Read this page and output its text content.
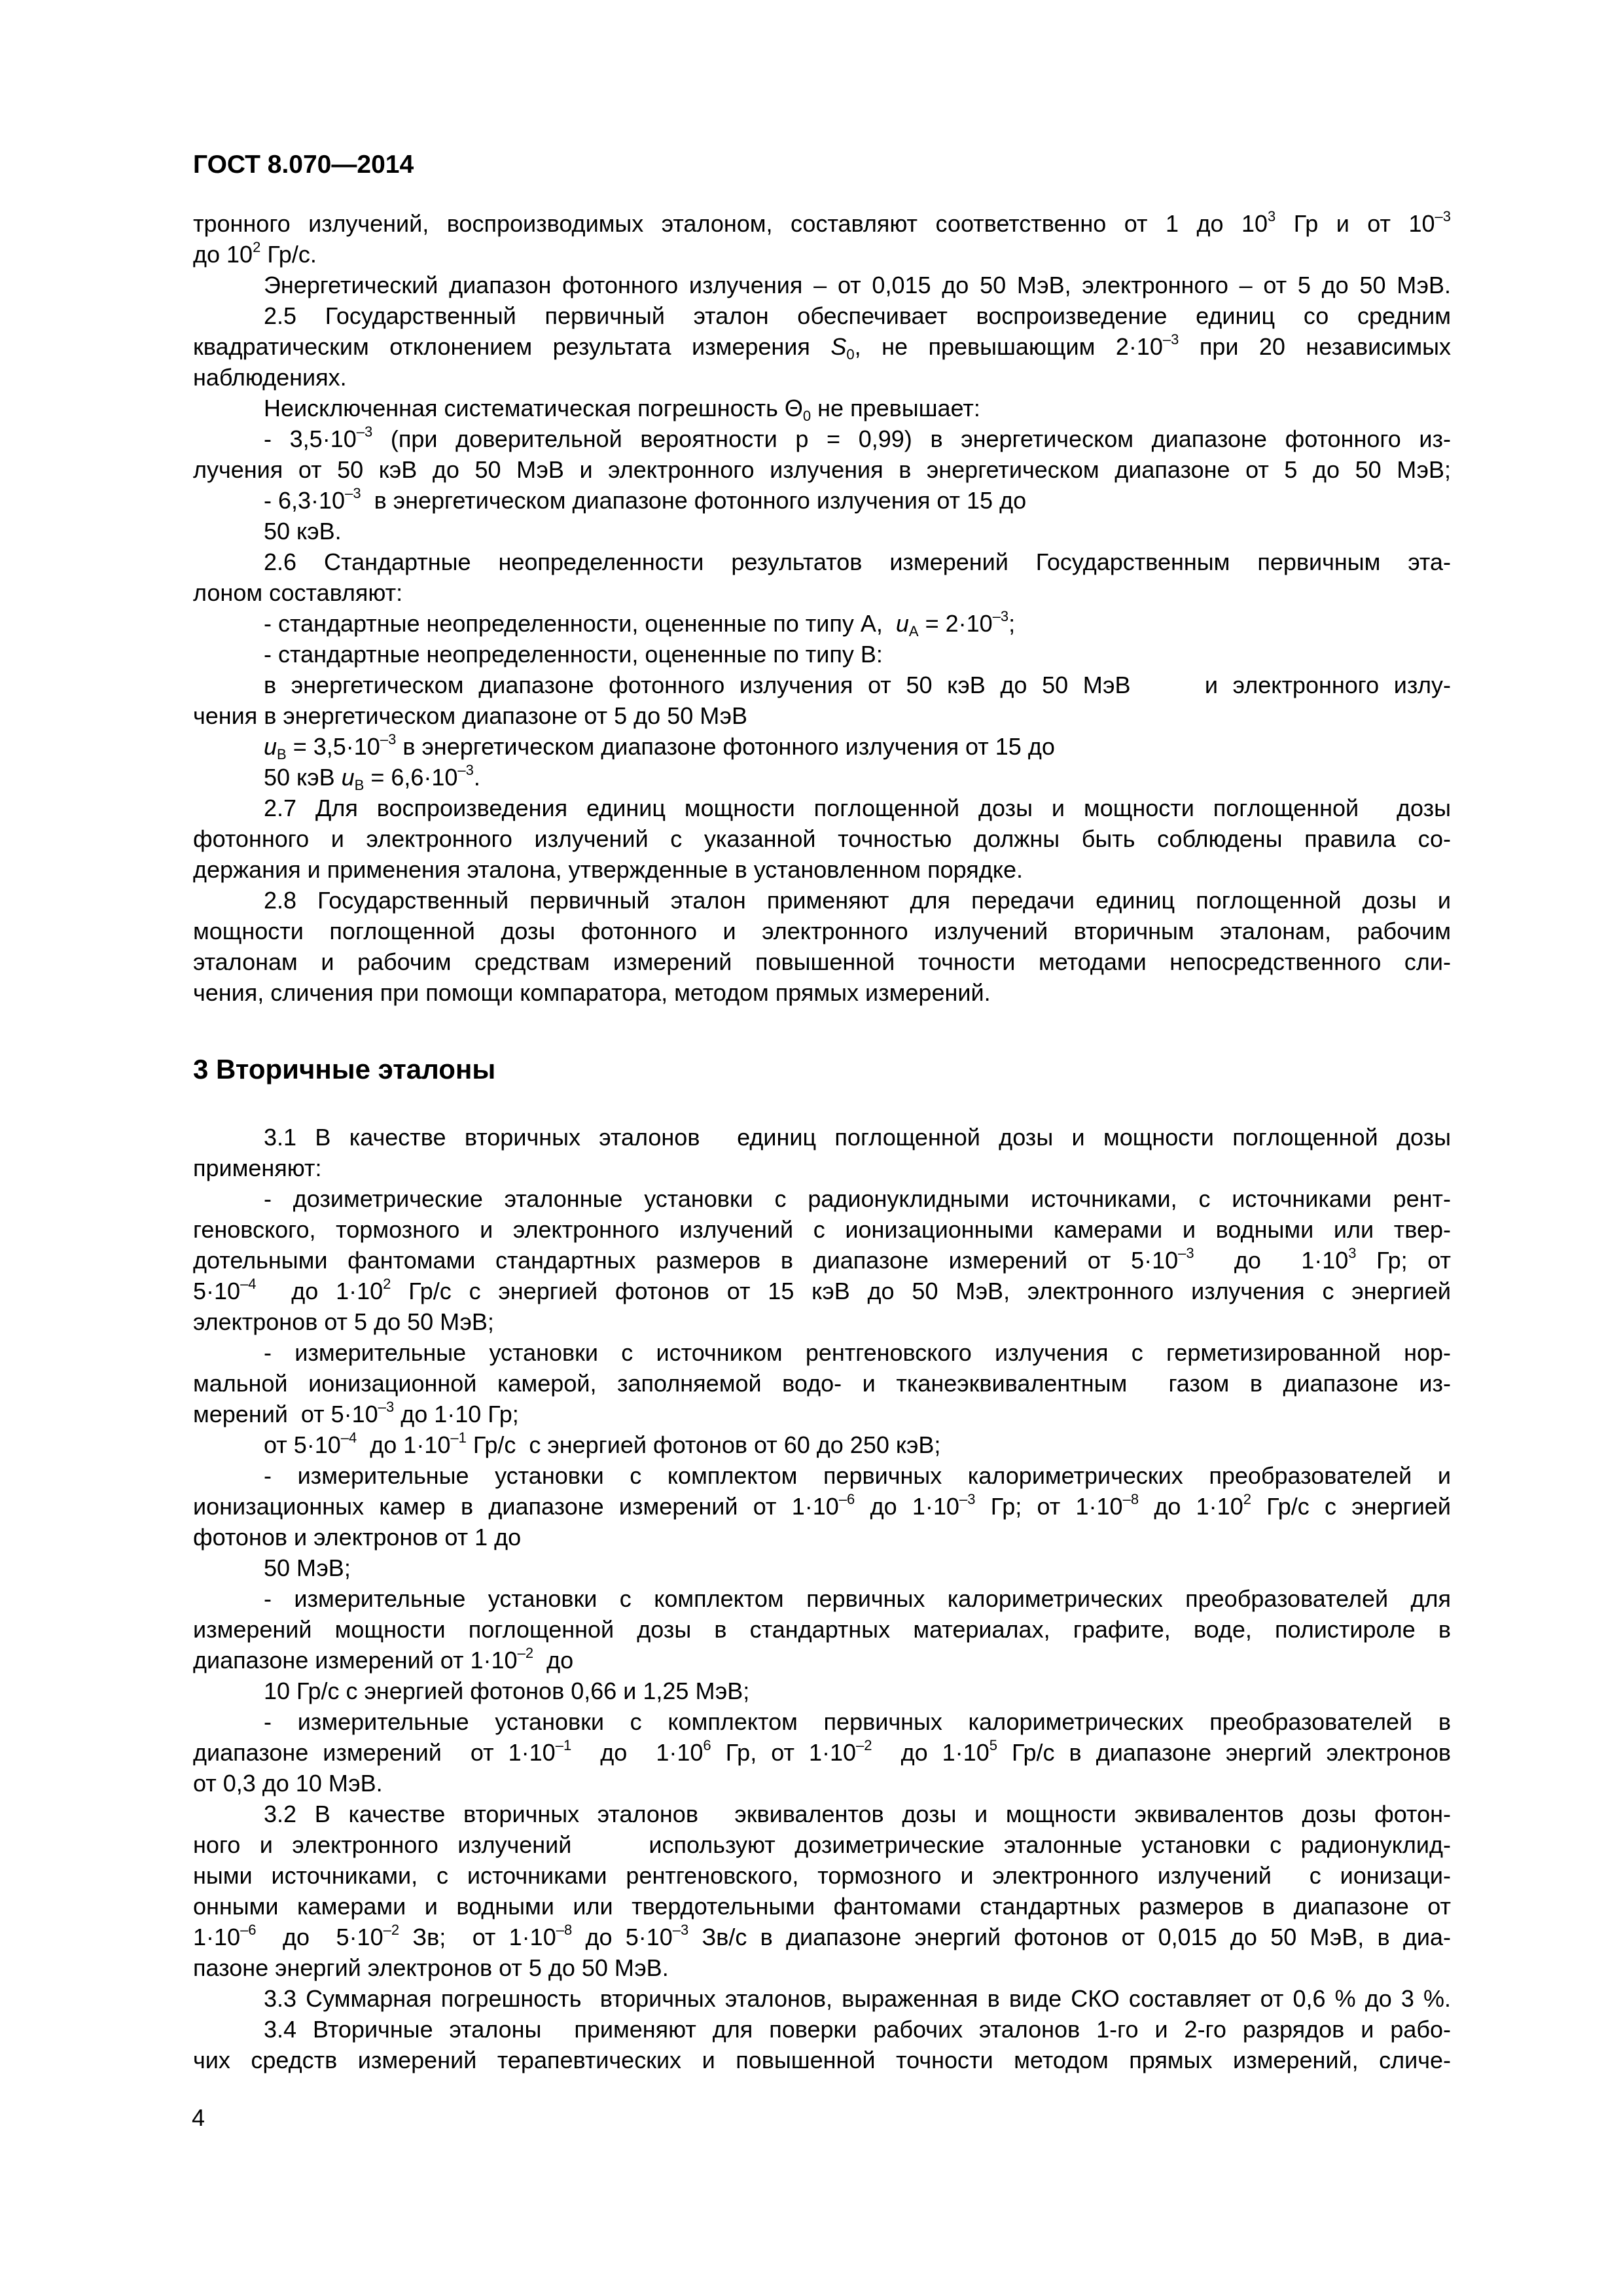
ГОСТ 8.070—2014
тронного излучений, воспроизводимых эталоном, составляют соответственно от 1 до $10^3$ Гр и от $10^{-3}$
до $10^2$ Гр/с.
Энергетический диапазон фотонного излучения – от 0,015 до 50 МэВ, электронного – от 5 до 50 МэВ.
2.5 Государственный первичный эталон обеспечивает воспроизведение единиц со средним
квадратическим отклонением результата измерения $S_0$, не превышающим $2\cdot 10^{-3}$ при 20 независимых
наблюдениях.
Неисключенная систематическая погрешность $\Theta_0$ не превышает:
- $3,5\cdot 10^{-3}$ (при доверительной вероятности р = 0,99) в энергетическом диапазоне фотонного из-
лучения от 50 кэВ до 50 МэВ и электронного излучения в энергетическом диапазоне от 5 до 50 МэВ;
- $6,3\cdot 10^{-3}$  в энергетическом диапазоне фотонного излучения от 15 до
50 кэВ.
2.6 Стандартные неопределенности результатов измерений Государственным первичным эта-
лоном составляют:
- стандартные неопределенности, оцененные по типу А,  $u_А = 2\cdot 10^{-3}$;
- стандартные неопределенности, оцененные по типу В:
в энергетическом диапазоне фотонного излучения от 50 кэВ до 50 МэВ     и электронного излу-
чения в энергетическом диапазоне от 5 до 50 МэВ
$u_В = 3,5\cdot 10^{-3}$ в энергетическом диапазоне фотонного излучения от 15 до
50 кэВ $u_В = 6,6\cdot 10^{-3}$.
2.7 Для воспроизведения единиц мощности поглощенной дозы и мощности поглощенной  дозы
фотонного и электронного излучений с указанной точностью должны быть соблюдены правила со-
держания и применения эталона, утвержденные в установленном порядке.
2.8 Государственный первичный эталон применяют для передачи единиц поглощенной дозы и
мощности поглощенной дозы фотонного и электронного излучений вторичным эталонам, рабочим
эталонам и рабочим средствам измерений повышенной точности методами непосредственного сли-
чения, сличения при помощи компаратора, методом прямых измерений.
3 Вторичные эталоны
3.1 В качестве вторичных эталонов  единиц поглощенной дозы и мощности поглощенной дозы
применяют:
- дозиметрические эталонные установки с радионуклидными источниками, с источниками рент-
геновского, тормозного и электронного излучений с ионизационными камерами и водными или твер-
дотельными фантомами стандартных размеров в диапазоне измерений от $5\cdot 10^{-3}$  до  $1\cdot 10^3$ Гр; от
$5\cdot 10^{-4}$  до $1\cdot 10^2$ Гр/с с энергией фотонов от 15 кэВ до 50 МэВ, электронного излучения с энергией
электронов от 5 до 50 МэВ;
- измерительные установки с источником рентгеновского излучения с герметизированной нор-
мальной ионизационной камерой, заполняемой водо- и тканеэквивалентным  газом в диапазоне из-
мерений  от $5\cdot 10^{-3}$ до 1·10 Гр;
от $5\cdot 10^{-4}$  до $1\cdot 10^{-1}$ Гр/с  с энергией фотонов от 60 до 250 кэВ;
- измерительные установки с комплектом первичных калориметрических преобразователей и
ионизационных камер в диапазоне измерений от $1\cdot 10^{-6}$ до $1\cdot 10^{-3}$ Гр; от $1\cdot 10^{-8}$ до $1\cdot 10^2$ Гр/с с энергией
фотонов и электронов от 1 до
50 МэВ;
- измерительные установки с комплектом первичных калориметрических преобразователей для
измерений мощности поглощенной дозы в стандартных материалах, графите, воде, полистироле в
диапазоне измерений от $1\cdot 10^{-2}$  до
10 Гр/с с энергией фотонов 0,66 и 1,25 МэВ;
- измерительные установки с комплектом первичных калориметрических преобразователей в
диапазоне измерений  от $1\cdot 10^{-1}$  до  $1\cdot 10^6$ Гр, от $1\cdot 10^{-2}$  до $1\cdot 10^5$ Гр/с в диапазоне энергий электронов
от 0,3 до 10 МэВ.
3.2 В качестве вторичных эталонов  эквивалентов дозы и мощности эквивалентов дозы фотон-
ного и электронного излучений    используют дозиметрические эталонные установки с радионуклид-
ными источниками, с источниками рентгеновского, тормозного и электронного излучений  с ионизаци-
онными камерами и водными или твердотельными фантомами стандартных размеров в диапазоне от
$1\cdot 10^{-6}$  до  $5\cdot 10^{-2}$ Зв;  от $1\cdot 10^{-8}$ до $5\cdot 10^{-3}$ Зв/с в диапазоне энергий фотонов от 0,015 до 50 МэВ, в диа-
пазоне энергий электронов от 5 до 50 МэВ.
3.3 Суммарная погрешность  вторичных эталонов, выраженная в виде СКО составляет от 0,6 % до 3 %.
3.4 Вторичные эталоны  применяют для поверки рабочих эталонов 1-го и 2-го разрядов и рабо-
чих средств измерений терапевтических и повышенной точности методом прямых измерений, сличе-
4
